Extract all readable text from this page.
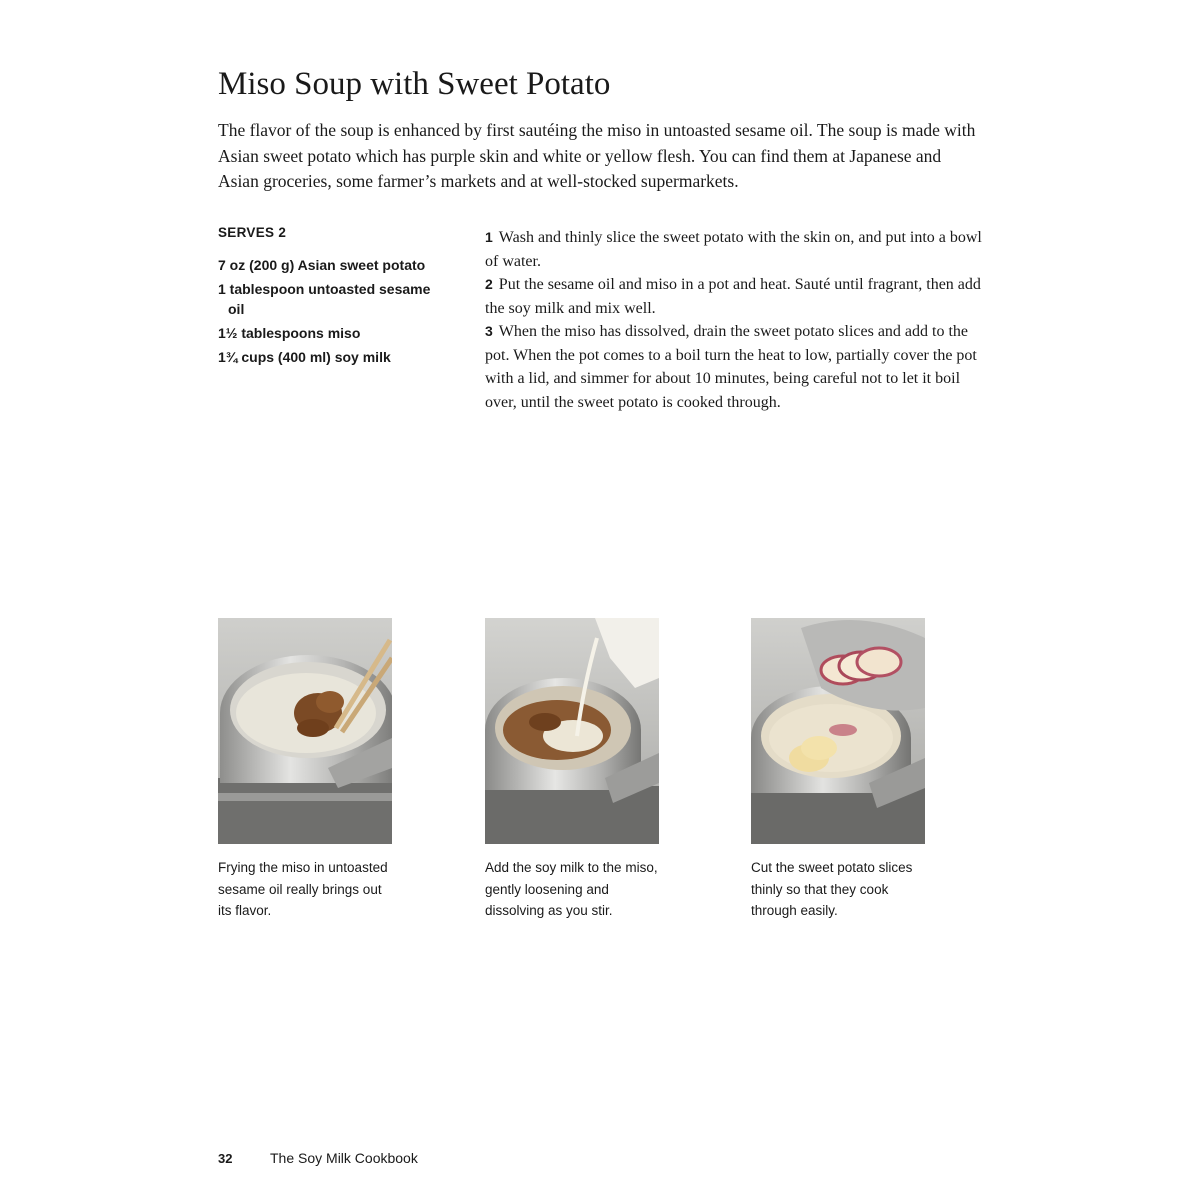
Miso Soup with Sweet Potato

The flavor of the soup is enhanced by first sautéing the miso in untoasted sesame oil. The soup is made with Asian sweet potato which has purple skin and white or yellow flesh. You can find them at Japanese and Asian groceries, some farmer’s markets and at well-stocked supermarkets.

SERVES 2
7 oz (200 g) Asian sweet potato
1 tablespoon untoasted sesame oil
1½ tablespoons miso
1¾ cups (400 ml) soy milk
1 Wash and thinly slice the sweet potato with the skin on, and put into a bowl of water.
2 Put the sesame oil and miso in a pot and heat. Sauté until fragrant, then add the soy milk and mix well.
3 When the miso has dissolved, drain the sweet potato slices and add to the pot. When the pot comes to a boil turn the heat to low, partially cover the pot with a lid, and simmer for about 10 minutes, being careful not to let it boil over, until the sweet potato is cooked through.
Frying the miso in untoasted sesame oil really brings out its flavor.
Add the soy milk to the miso, gently loosening and dissolving as you stir.
Cut the sweet potato slices thinly so that they cook through easily.
32	The Soy Milk Cookbook
